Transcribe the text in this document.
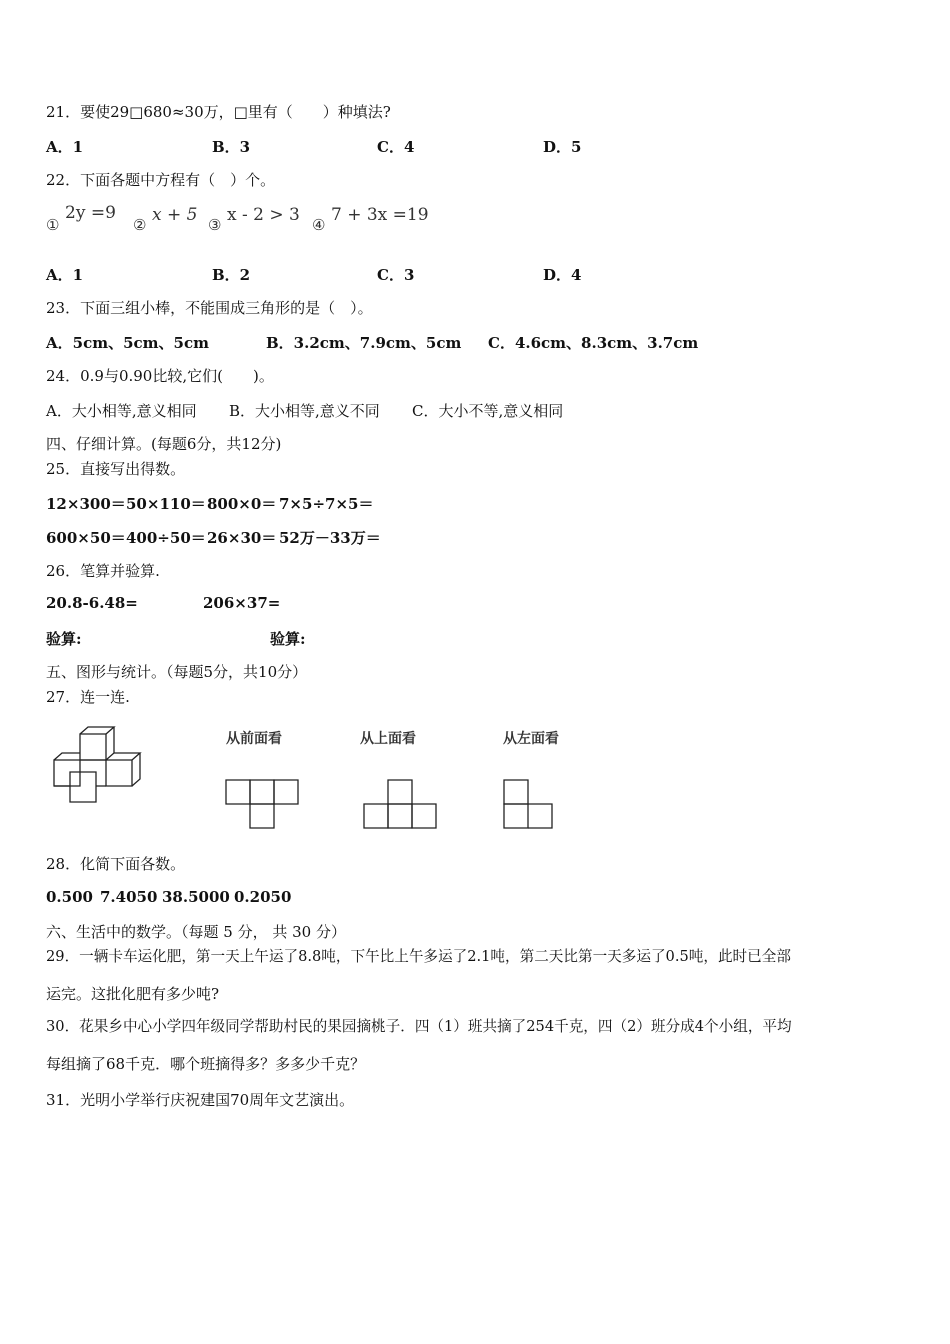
21．要使29□680≈30万，□里有（　　）种填法?
A．1	B．3	C．4	D．5
22．下面各题中方程有（　）个。
①
2y =9
② x + 5 ③ x - 2 > 3 ④ 7 + 3x =19
A．1	B．2	C．3	D．4
23．下面三组小棒，不能围成三角形的是（　）。
A．5cm、5cm、5cm	B．3.2cm、7.9cm、5cm C．4.6cm、8.3cm、3.7cm
24．0.9与0.90比较,它们(　　)。
A．大小相等,意义相同 B．大小相等,意义不同 C．大小不等,意义相同
四、仔细计算。(每题6分，共12分)
25．直接写出得数。
12×300＝ 50×110＝ 800×0＝ 7×5÷7×5＝
600×50＝ 400÷50＝ 26×30＝ 52万－33万＝
26．笔算并验算.
20.8-6.48=	206×37=
验算:	验算:
五、图形与统计。（每题5分，共10分）
27．连一连.
从前面看	从上面看	从左面看
28．化简下面各数。
0.500 7.4050 38.5000 0.2050
六、生活中的数学。（每题 5 分， 共 30 分）
29．一辆卡车运化肥，第一天上午运了8.8吨，下午比上午多运了2.1吨，第二天比第一天多运了0.5吨，此时已全部
运完。这批化肥有多少吨?
30．花果乡中心小学四年级同学帮助村民的果园摘桃子．四（1）班共摘了254千克，四（2）班分成4个小组，平均
每组摘了68千克．哪个班摘得多？多多少千克？
31．光明小学举行庆祝建国70周年文艺演出。
